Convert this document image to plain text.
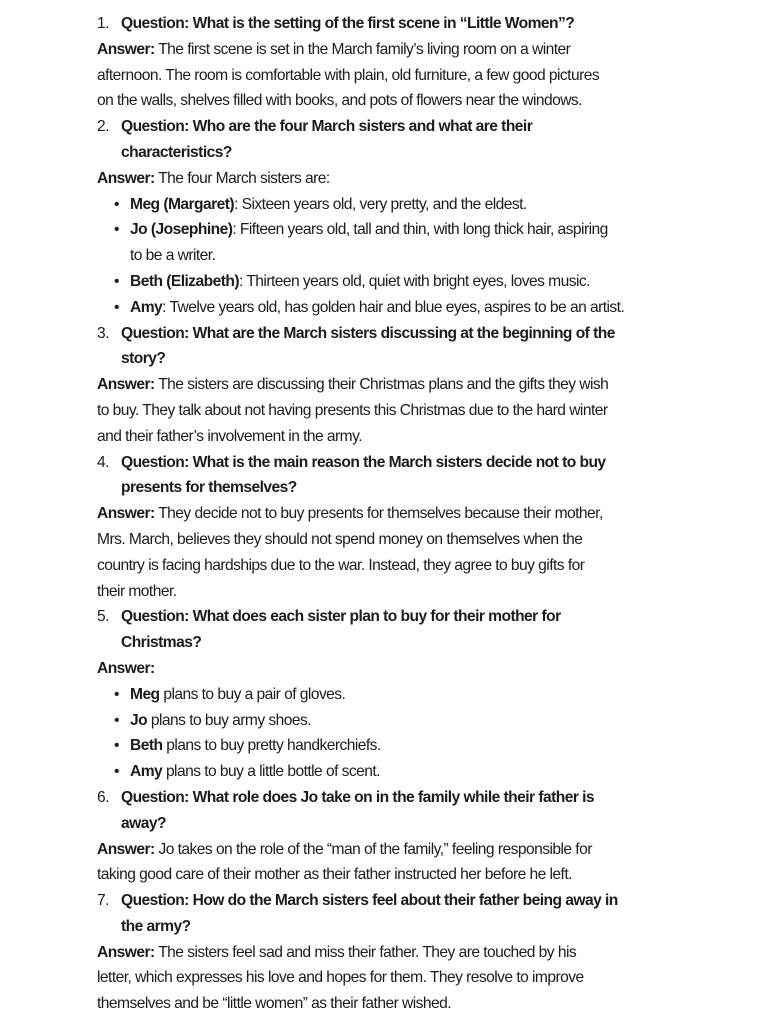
1. Question: What is the setting of the first scene in “Little Women”?
Answer: The first scene is set in the March family’s living room on a winter
afternoon. The room is comfortable with plain, old furniture, a few good pictures
on the walls, shelves filled with books, and pots of flowers near the windows.
2. Question: Who are the four March sisters and what are their
characteristics?
Answer: The four March sisters are:
• Meg (Margaret): Sixteen years old, very pretty, and the eldest.
• Jo (Josephine): Fifteen years old, tall and thin, with long thick hair, aspiring
to be a writer.
• Beth (Elizabeth): Thirteen years old, quiet with bright eyes, loves music.
• Amy: Twelve years old, has golden hair and blue eyes, aspires to be an artist.
3. Question: What are the March sisters discussing at the beginning of the
story?
Answer: The sisters are discussing their Christmas plans and the gifts they wish
to buy. They talk about not having presents this Christmas due to the hard winter
and their father’s involvement in the army.
4. Question: What is the main reason the March sisters decide not to buy
presents for themselves?
Answer: They decide not to buy presents for themselves because their mother,
Mrs. March, believes they should not spend money on themselves when the
country is facing hardships due to the war. Instead, they agree to buy gifts for
their mother.
5. Question: What does each sister plan to buy for their mother for
Christmas?
Answer:
• Meg plans to buy a pair of gloves.
• Jo plans to buy army shoes.
• Beth plans to buy pretty handkerchiefs.
• Amy plans to buy a little bottle of scent.
6. Question: What role does Jo take on in the family while their father is
away?
Answer: Jo takes on the role of the “man of the family,” feeling responsible for
taking good care of their mother as their father instructed her before he left.
7. Question: How do the March sisters feel about their father being away in
the army?
Answer: The sisters feel sad and miss their father. They are touched by his
letter, which expresses his love and hopes for them. They resolve to improve
themselves and be “little women” as their father wished.
